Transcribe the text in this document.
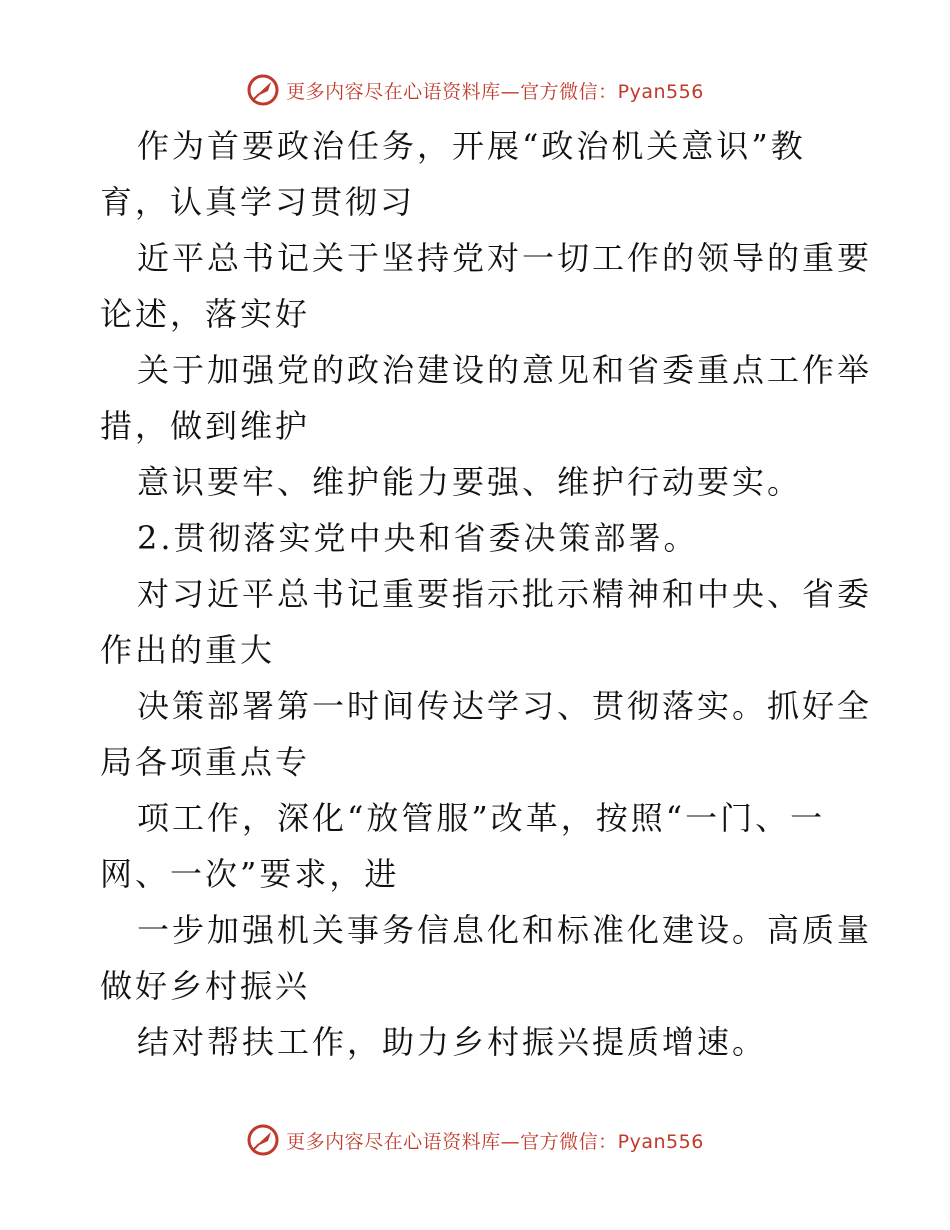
更多内容尽在心语资料库—官方微信：Pyan556
作为首要政治任务，开展“政治机关意识”教
育，认真学习贯彻习
近平总书记关于坚持党对一切工作的领导的重要
论述，落实好
关于加强党的政治建设的意见和省委重点工作举
措，做到维护
意识要牢、维护能力要强、维护行动要实。
2.贯彻落实党中央和省委决策部署。
对习近平总书记重要指示批示精神和中央、省委
作出的重大
决策部署第一时间传达学习、贯彻落实。抓好全
局各项重点专
项工作，深化“放管服”改革，按照“一门、一
网、一次”要求，进
一步加强机关事务信息化和标准化建设。高质量
做好乡村振兴
结对帮扶工作，助力乡村振兴提质增速。
更多内容尽在心语资料库—官方微信：Pyan556
